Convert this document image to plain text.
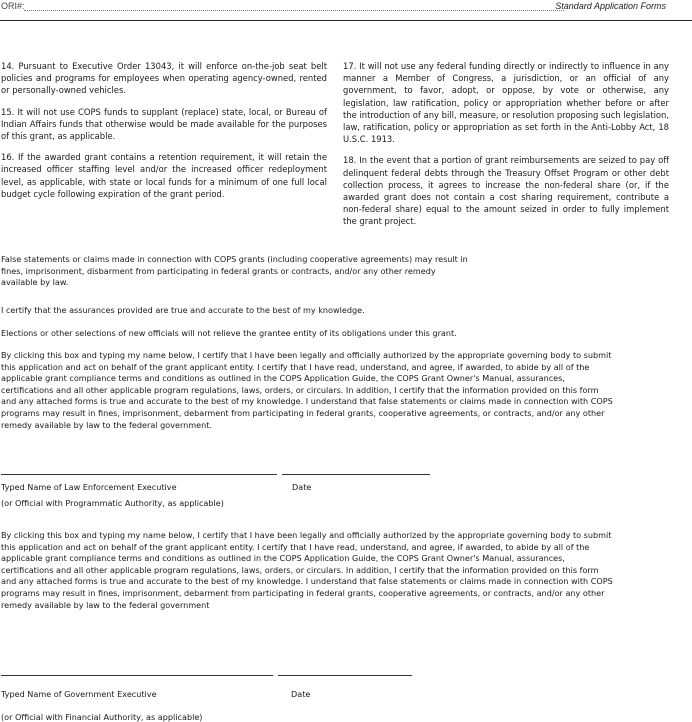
ORI#:	Standard Application Forms

14. Pursuant to Executive Order 13043, it will enforce on-the-job seat belt policies and programs for employees when operating agency-owned, rented or personally-owned vehicles.

15. It will not use COPS funds to supplant (replace) state, local, or Bureau of Indian Affairs funds that otherwise would be made available for the purposes of this grant, as applicable.

16. If the awarded grant contains a retention requirement, it will retain the increased officer staffing level and/or the increased officer redeployment level, as applicable, with state or local funds for a minimum of one full local budget cycle following expiration of the grant period.

17. It will not use any federal funding directly or indirectly to influence in any manner a Member of Congress, a jurisdiction, or an official of any government, to favor, adopt, or oppose, by vote or otherwise, any legislation, law ratification, policy or appropriation whether before or after the introduction of any bill, measure, or resolution proposing such legislation, law, ratification, policy or appropriation as set forth in the Anti-Lobby Act, 18 U.S.C. 1913.

18. In the event that a portion of grant reimbursements are seized to pay off delinquent federal debts through the Treasury Offset Program or other debt collection process, it agrees to increase the non-federal share (or, if the awarded grant does not contain a cost sharing requirement, contribute a non-federal share) equal to the amount seized in order to fully implement the grant project.

False statements or claims made in connection with COPS grants (including cooperative agreements) may result in
fines, imprisonment, disbarment from participating in federal grants or contracts, and/or any other remedy
available by law.
I certify that the assurances provided are true and accurate to the best of my knowledge.
Elections or other selections of new officials will not relieve the grantee entity of its obligations under this grant.
By clicking this box and typing my name below, I certify that I have been legally and officially authorized by the appropriate governing body to submit
this application and act on behalf of the grant applicant entity. I certify that I have read, understand, and agree, if awarded, to abide by all of the
applicable grant compliance terms and conditions as outlined in the COPS Application Guide, the COPS Grant Owner's Manual, assurances,
certifications and all other applicable program regulations, laws, orders, or circulars. In addition, I certify that the information provided on this form
and any attached forms is true and accurate to the best of my knowledge. I understand that false statements or claims made in connection with COPS
programs may result in fines, imprisonment, debarment from participating in federal grants, cooperative agreements, or contracts, and/or any other
remedy available by law to the federal government.
Typed Name of Law Enforcement Executive	Date
(or Official with Programmatic Authority, as applicable)
By clicking this box and typing my name below, I certify that I have been legally and officially authorized by the appropriate governing body to submit
this application and act on behalf of the grant applicant entity. I certify that I have read, understand, and agree, if awarded, to abide by all of the
applicable grant compliance terms and conditions as outlined in the COPS Application Guide, the COPS Grant Owner's Manual, assurances,
certifications and all other applicable program regulations, laws, orders, or circulars. In addition, I certify that the information provided on this form
and any attached forms is true and accurate to the best of my knowledge. I understand that false statements or claims made in connection with COPS
programs may result in fines, imprisonment, debarment from participating in federal grants, cooperative agreements, or contracts, and/or any other
remedy available by law to the federal government
Typed Name of Government Executive	Date
(or Official with Financial Authority, as applicable)
